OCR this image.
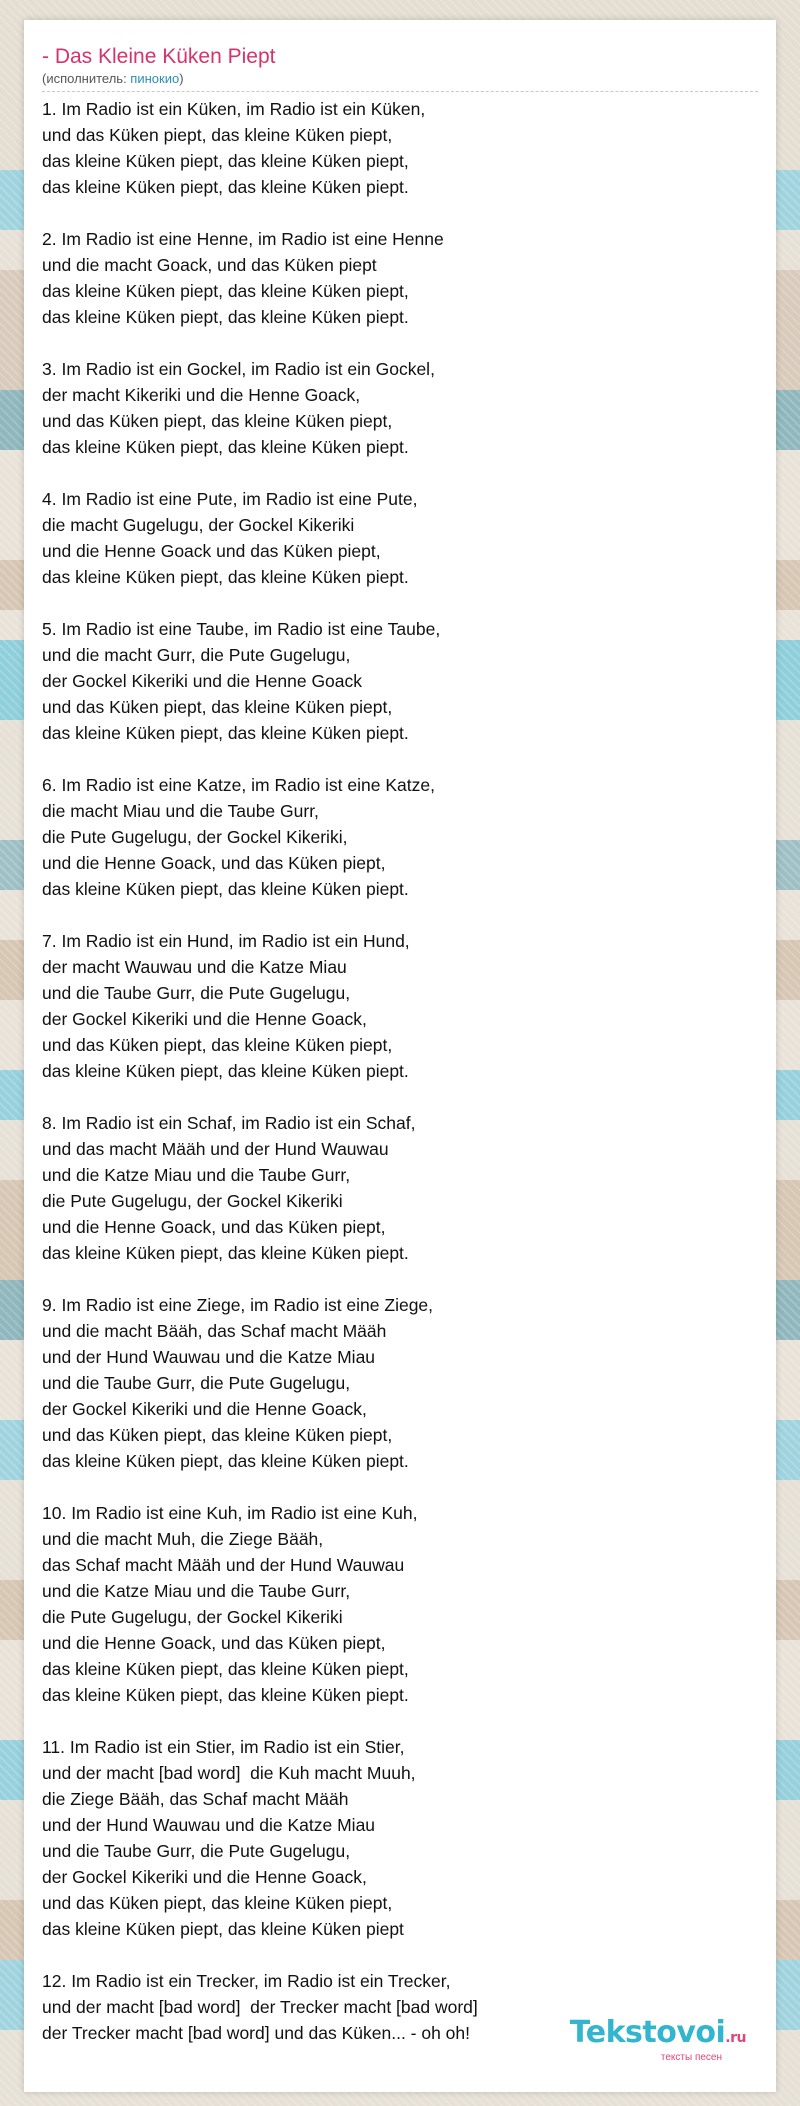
- Das Kleine Küken Piept
(исполнитель: пинокио)
1. Im Radio ist ein Küken, im Radio ist ein Küken,
und das Küken piept, das kleine Küken piept,
das kleine Küken piept, das kleine Küken piept,
das kleine Küken piept, das kleine Küken piept.
2. Im Radio ist eine Henne, im Radio ist eine Henne
und die macht Goack, und das Küken piept
das kleine Küken piept, das kleine Küken piept,
das kleine Küken piept, das kleine Küken piept.
3. Im Radio ist ein Gockel, im Radio ist ein Gockel,
der macht Kikeriki und die Henne Goack,
und das Küken piept, das kleine Küken piept,
das kleine Küken piept, das kleine Küken piept.
4. Im Radio ist eine Pute, im Radio ist eine Pute,
die macht Gugelugu, der Gockel Kikeriki
und die Henne Goack und das Küken piept,
das kleine Küken piept, das kleine Küken piept.
5. Im Radio ist eine Taube, im Radio ist eine Taube,
und die macht Gurr, die Pute Gugelugu,
der Gockel Kikeriki und die Henne Goack
und das Küken piept, das kleine Küken piept,
das kleine Küken piept, das kleine Küken piept.
6. Im Radio ist eine Katze, im Radio ist eine Katze,
die macht Miau und die Taube Gurr,
die Pute Gugelugu, der Gockel Kikeriki,
und die Henne Goack, und das Küken piept,
das kleine Küken piept, das kleine Küken piept.
7. Im Radio ist ein Hund, im Radio ist ein Hund,
der macht Wauwau und die Katze Miau
und die Taube Gurr, die Pute Gugelugu,
der Gockel Kikeriki und die Henne Goack,
und das Küken piept, das kleine Küken piept,
das kleine Küken piept, das kleine Küken piept.
8. Im Radio ist ein Schaf, im Radio ist ein Schaf,
und das macht Määh und der Hund Wauwau
und die Katze Miau und die Taube Gurr,
die Pute Gugelugu, der Gockel Kikeriki
und die Henne Goack, und das Küken piept,
das kleine Küken piept, das kleine Küken piept.
9. Im Radio ist eine Ziege, im Radio ist eine Ziege,
und die macht Bääh, das Schaf macht Määh
und der Hund Wauwau und die Katze Miau
und die Taube Gurr, die Pute Gugelugu,
der Gockel Kikeriki und die Henne Goack,
und das Küken piept, das kleine Küken piept,
das kleine Küken piept, das kleine Küken piept.
10. Im Radio ist eine Kuh, im Radio ist eine Kuh,
und die macht Muh, die Ziege Bääh,
das Schaf macht Määh und der Hund Wauwau
und die Katze Miau und die Taube Gurr,
die Pute Gugelugu, der Gockel Kikeriki
und die Henne Goack, und das Küken piept,
das kleine Küken piept, das kleine Küken piept,
das kleine Küken piept, das kleine Küken piept.
11. Im Radio ist ein Stier, im Radio ist ein Stier,
und der macht [bad word]  die Kuh macht Muuh,
die Ziege Bääh, das Schaf macht Määh
und der Hund Wauwau und die Katze Miau
und die Taube Gurr, die Pute Gugelugu,
der Gockel Kikeriki und die Henne Goack,
und das Küken piept, das kleine Küken piept,
das kleine Küken piept, das kleine Küken piept
12. Im Radio ist ein Trecker, im Radio ist ein Trecker,
und der macht [bad word]  der Trecker macht [bad word]
der Trecker macht [bad word] und das Küken... - oh oh!	Tekstovoi.ru
тексты песен
